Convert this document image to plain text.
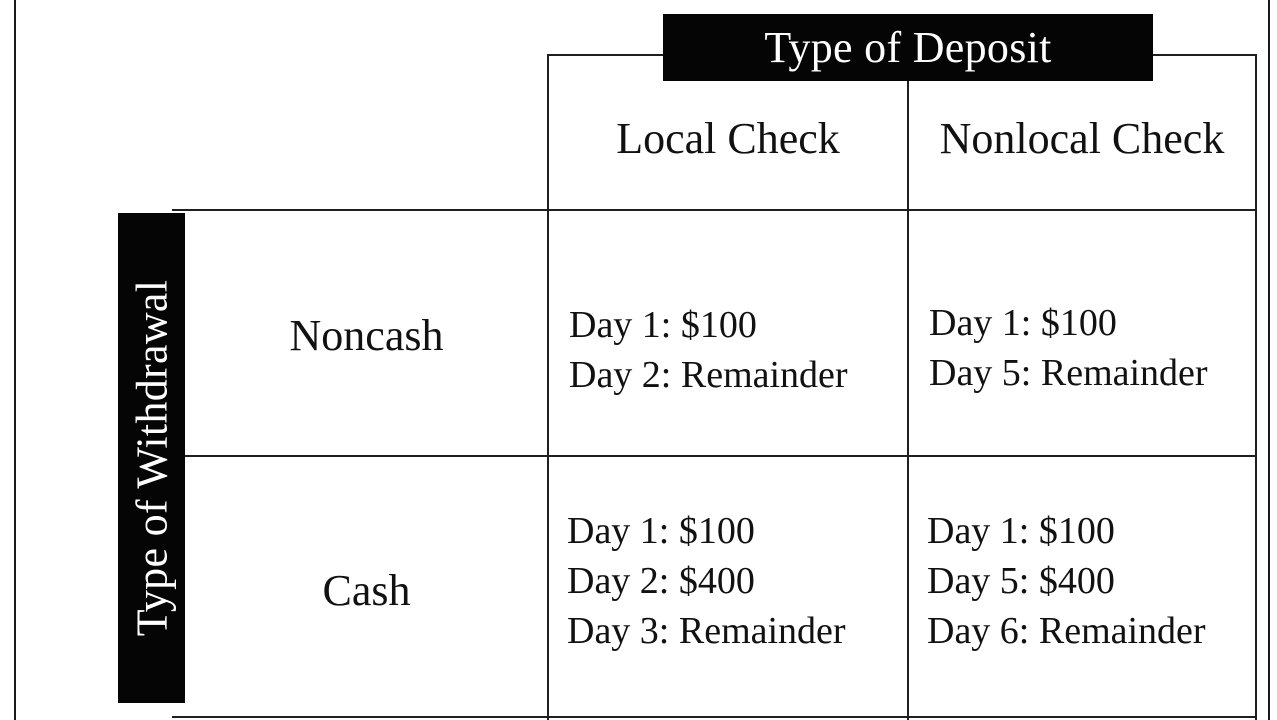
Type of Deposit
Type of Withdrawal
Local Check	Nonlocal Check
Noncash
Cash
Day 1: $100
Day 2: Remainder
Day 1: $100
Day 5: Remainder
Day 1: $100
Day 2: $400
Day 3: Remainder
Day 1: $100
Day 5: $400
Day 6: Remainder
